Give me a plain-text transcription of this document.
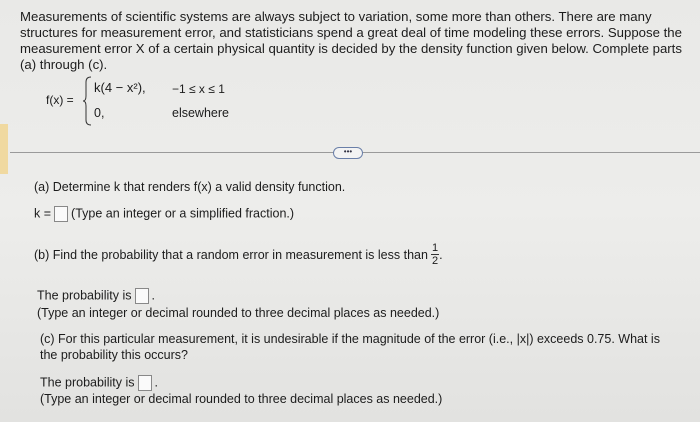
Measurements of scientific systems are always subject to variation, some more than others. There are many structures for measurement error, and statisticians spend a great deal of time modeling these errors. Suppose the measurement error X of a certain physical quantity is decided by the density function given below. Complete parts (a) through (c).
f(x) =
k(4 − x²), −1 ≤ x ≤ 1
0,	elsewhere
•••
(a) Determine k that renders f(x) a valid density function.
k = (Type an integer or a simplified fraction.)
(b) Find the probability that a random error in measurement is less than $\frac{1}{2}$ .
The probability is .
(Type an integer or decimal rounded to three decimal places as needed.)
(c) For this particular measurement, it is undesirable if the magnitude of the error (i.e., |x|) exceeds 0.75. What is the probability this occurs?
The probability is .
(Type an integer or decimal rounded to three decimal places as needed.)
